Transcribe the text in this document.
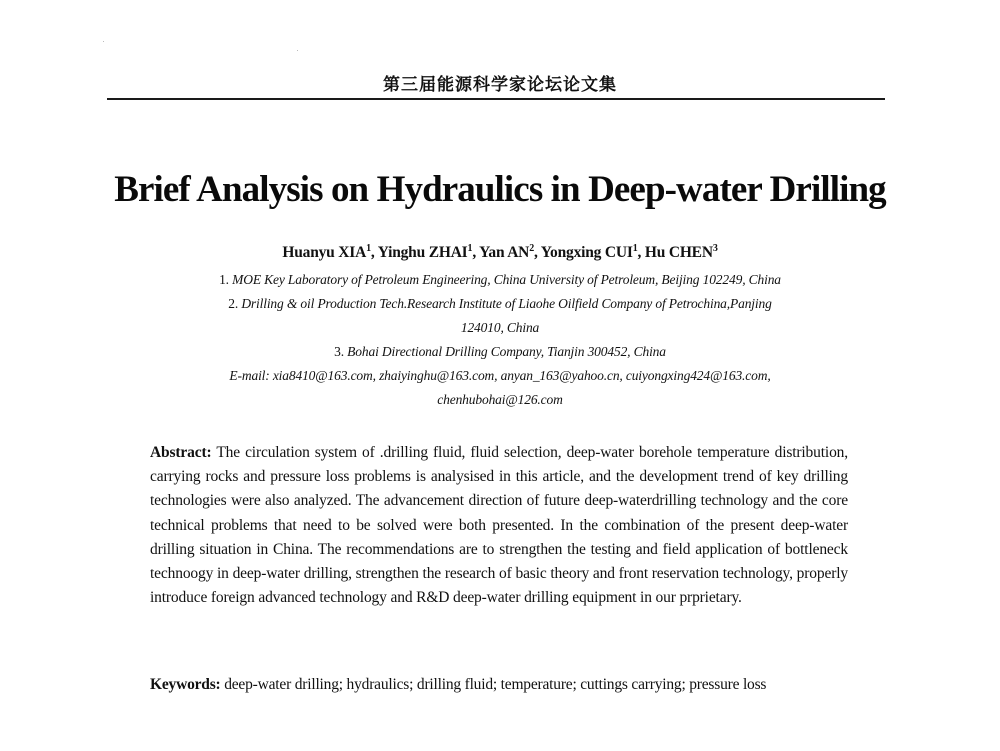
第三届能源科学家论坛论文集
Brief Analysis on Hydraulics in Deep-water Drilling
Huanyu XIA$^1$, Yinghu ZHAI$^1$, Yan $AN^2$, Yongxing CUI$^1$, Hu CHEN$^3$
1. MOE Key Laboratory of Petroleum Engineering, China University of Petroleum, Beijing 102249, China
2. Drilling & oil Production Tech.Research Institute of Liaohe Oilfield Company of Petrochina,Panjing
124010, China
3. Bohai Directional Drilling Company, Tianjin 300452, China
E-mail: xia8410@163.com, zhaiyinghu@163.com, anyan_163@yahoo.cn, cuiyongxing424@163.com,
chenhubohai@126.com
Abstract: The circulation system of .drilling fluid, fluid selection, deep-water borehole temperature distribution, carrying rocks and pressure loss problems is analysised in this article, and the development trend of key drilling technologies were also analyzed. The advancement direction of future deep-waterdrilling technology and the core technical problems that need to be solved were both presented. In the combination of the present deep-water drilling situation in China. The recommendations are to strengthen the testing and field application of bottleneck technoogy in deep-water drilling, strengthen the research of basic theory and front reservation technology, properly introduce foreign advanced technology and R&D deep-water drilling equipment in our prprietary.
Keywords: deep-water drilling; hydraulics; drilling fluid; temperature; cuttings carrying; pressure loss
